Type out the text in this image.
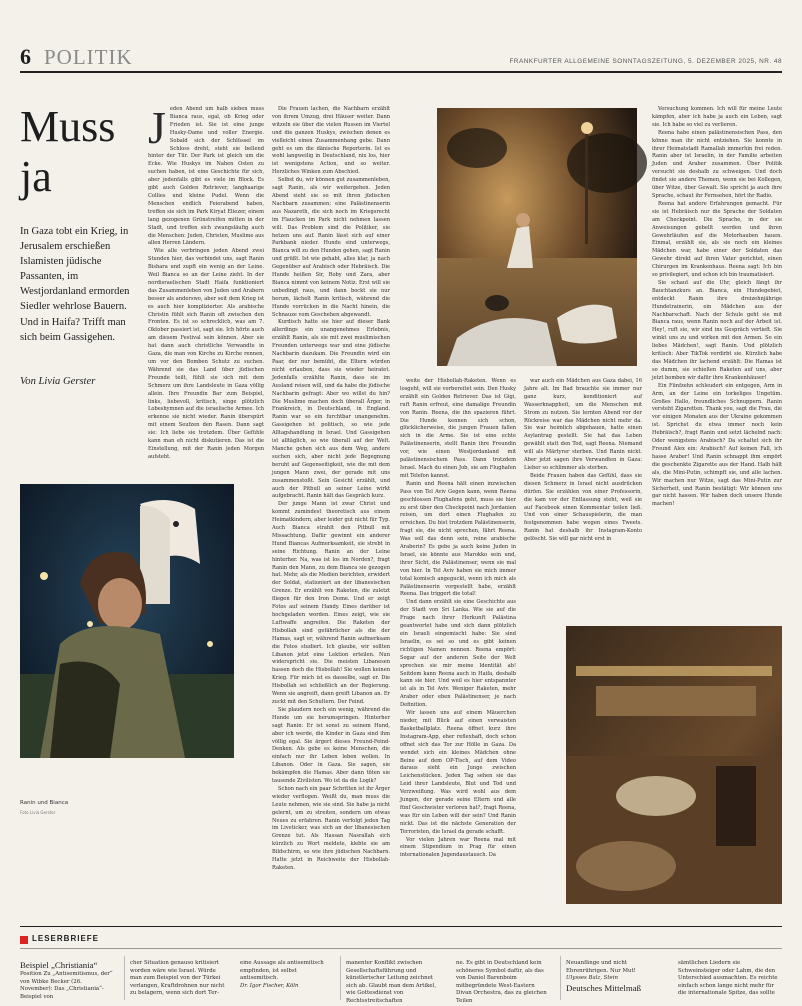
6 POLITIK	FRANKFURTER ALLGEMEINE SONNTAGSZEITUNG, 5. DEZEMBER 2025, NR. 48
Muss ja
In Gaza tobt ein Krieg, in Jerusalem erschießen Islamisten jüdische Passanten, im Westjordanland ermorden Siedler wehrlose Bauern. Und in Haifa? Trifft man sich beim Gassigehen.
Von Livia Gerster
J eden Abend um halb sieben muss Bianca raus, egal, ob Krieg oder Frieden ist. Sie ist eine junge Husky-Dame und voller Energie. Sobald sich der Schlüssel im Schloss dreht, steht sie bellend hinter der Tür. Der Park ist gleich um die Ecke. Wie Huskys im Nahen Osten zu suchen haben, ist eine Geschichte für sich, aber jedenfalls gibt es viele im Block. Es gibt auch Golden Retriever, langhaarige Collies und kleine Pudel. Wenn die Menschen endlich Feierabend haben, treffen sie sich im Park Kiryat Eliezer, einem lang gezogenen Grünstreifen mitten in der Stadt, und treffen sich zwangsläufig auch die Menschen: Juden, Christen, Muslime aus allen Herren Ländern.

Wie alle verbringen jeden Abend zwei Stunden hier, das verbindet uns, sagt Ranin Bishara und zupft ein wenig an der Leine. Weil Bianca so an der Leine zieht. In der nordisraelischen Stadt Haifa funktioniert das Zusammenleben von Juden und Arabern besser als anderswo, aber seit dem Krieg ist es auch hier komplizierter. Als arabische Christin fühlt sich Ranin oft zwischen den Fronten. Es ist so schrecklich, was am 7. Oktober passiert ist, sagt sie. Ich hörte auch am diesem Festival sein können. Aber sie hat dann auch christliche Verwandte in Gaza, die man von Kirche zu Kirche rennen, um vor den Bomben Schutz zu suchen. Während sie das Land über jüdischen Freunde teilt, fühlt sie sich mit dem Schmerz um ihre Landsleute in Gaza völlig allein. Ihre Freundin Bar zum Beispiel, links, liebevoll, kritisch, singe plötzlich Lobeshymnen auf die israelische Armee. Ich erkenne sie nicht wieder. Ranin überspürt mit einem Seufzen den Rasen. Dann sagt sie: Ich liebe sie trotzdem. Über Gefühle kann man eh nicht diskutieren. Das ist die Einstellung, mit der Ranin jeden Morgen aufsteht.

Die Frauen lachen, die Nachbarn erzählt von ihrem Umzug, drei Häuser weiter. Dann witzeln sie über die vielen Russen im Viertel und die ganzen Huskys, zwischen denen es vielleicht einen Zusammenhang gebe. Dann geht es um die dänische Reporterin. Ist es wohl langweilig in Deutschland, nix los, hier ist wenigstens Action, und so weiter. Herzliches Winken zum Abschied.

Selbst du, wir können gut zusammenleben, sagt Ranin, als wir weitergehen. Jeden Abend sieht sie so mit ihren jüdischen Nachbarn zusammen; eine Palästinenserin aus Nazareth, die sich noch im Kriegsrecht im Flaucken im Park nicht nehmen lassen will. Das Problem sind die Politiker, sie hetzen uns auf. Ranin lässt sich auf einer Parkbank nieder. Hunde sind unterwegs, Bianca will zu den Hunden gehen, sagt Ranin und grüßt. Ist wie gehabt, alles klar, ja nach Gegenüber auf Arabisch oder Hebräisch. Die Hunde heißen Sir, Roby und Zara, aber Bianca nimmt von keinem Notiz. Erst will sie unbedingt raus, und dann bockt sie nur herum, lächelt Ranin kritisch, während die Hunde vorrücken in die Nacht hinein, die Schnauze vom Geschehen abgewandt.

Kurdisch hatte sie hier auf dieser Bank allerdings ein unangenehmes Erlebnis, erzählt Ranin, als sie mit zwei muslimischen Freunden unterwegs war und eine jüdische Nachbarin dazukam. Die Freundin wird ein Paar, der nur bemüht, die Eltern würden nicht erlauben, dass sie wieder heiratet. Jedenfalls erzählte Ranin, dass sie im Ausland reisen will, und da habe die jüdische Nachbarin gefragt: Aber wo willst du hin? Die Muslime machen doch überall Ärger, in Frankreich, in Deutschland, in England. Ranin war so ein furchtbar unangenehm. Gassigehen ist politisch, so wie jede Alltagshandlung in Israel. Und Gassigehen ist alltäglich, so wie überall auf der Welt. Manche gehen sich aus dem Weg, andere suchen sich, aber nicht jede Begegnung beruht auf Gegenseitigkeit, wie die mit dem jungen Mann zwei, der gerade mit uns zusammenstoßt. Sein Gesicht erzählt, und auch der Pitbull an seiner Leine wirkt aufgebracht. Ranin hält das Gespräch kurz.

Der junge Mann ist zwar Christ und kommt zumindest theoretisch aus einem Heimatkindern, aber leider gut nicht für Typ. Auch Bianca strahlt den Pitbull mit Missachtung. Dafür gewinnt ein anderer Hund Biancas Aufmerksamkeit, sie strebt in seine Richtung. Ranin an der Leine hinterher. Na, was ist los im Norden?, fragt Ranin den Mann, zu dem Bianca sie gezogen hat. Mehr, als die Medien berichten, erwidert der Soldat, stationiert an der libanesischen Grenze. Er erzählt von Raketen, die zuletzt fliegen für den Iron Dome. Und er zeigt Fotos auf seinem Handy. Eines darüber ist hochgeladen worden. Eines zeigt, wie sie Luftwaffe angreifen. Die Raketen der Hisbollah sind gefährlicher als die der Hamas, sagt er, während Ranin aufmerksam die Fotos studiert. Ich glaube, wir sollten Libanon jetzt eine Lektion erteilen. Nun widerspricht sie. Die meisten Libanesen hassen doch die Hisbollah! Sie wollen keinen Krieg. Für mich ist es dasselbe, sagt er. Die Hisbollah sei schließlich an der Regierung. Wenn sie angreift, dann greift Libanon an. Er zuckt mit den Schultern. Der Feind.

Sie plaudern noch ein wenig, während die Hunde um sie herumspringen. Hinterher sagt Ranin: Er ist sonst zu seinem Hund, aber ich werde, die Kinder in Gaza sind ihm völlig egal. Sie ärgert dieses Freund-Feind-Denken. Als gebe es keine Menschen, die einfach nur ihr Leben leben wollen. In Libanon. Oder in Gaza. Sie sagen, sie bekämpfen die Hamas. Aber dann töten sie tausende Zivilisten. Wo ist da die Logik?

Schon nach ein paar Schritten ist ihr Ärger wieder verflogen. Weißt du, man muss die Leute nehmen, wie sie sind. Sie habe ja nicht gelernt, um zu streiten, sondern um etwas Neues zu erfahren. Ranin verfolgt jeden Tag im Liveticker, was sich an der libanesischen Grenze tut. Als Hassan Nasrallah sich kürzlich zu Wort meldete, klebte sie am Bildschirm, so wie ihre jüdischen Nachbarn. Hatte jetzt in Reichweite der Hisbollah-Raketen.

weite der Hisbollah-Raketen. Wenn es losgeht, will sie vorbereitet sein. Den Husky erzählt ein Golden Retriever. Das ist Gigi, ruft Ranin erfreut, eine damalige Freundin von Ranin. Reena, die ihn spazieren führt. Die Hunde kennen sich schon, glücklicherweise, die jungen Frauen fallen sich in die Arme. Sie ist eine echte Palästinenserin, stellt Ranin ihre Freundin vor, wie einen Westjordanland mit palästinensischem Pass. Dann trotzdem Israel. Mach du einen Job, sie am Flughafen mit Telefon kannst.

Ranin und Reena hält einen inzwischen Pass von Tel Aviv Gegen kann, wenn Reena geschlossen Flughafens geht, muss sie hier zu erst über den Checkpoint nach Jordanien reisen, um dort einen Flughafen zu erreichen. Du bist trotzdem Palästinenserin, fragt sie, die nicht sprechen, fährt Reena. Was soll das denn sein, reine arabische Araberin? Es gebe ja auch keine Juden in Israel, sie könnte aus Marokko sein und, ihrer Sicht, die Palästinenser, wenn sie mal von hier. In Tel Aviv haben sie mich immer total komisch angeguckt, wenn ich mich als Palästinenserin vorgestellt habe, erzählt Reena. Das triggert die total!

Und dann erzählt sie eine Geschichte aus der Stadt von Sri Lanka. Wie sie auf die Frage nach ihrer Herkunft Palästina geantwortet habe und sich dann plötzlich ein Israeli eingemischt habe: Sie sind Israelin, es sei so und es gibt keinen richtigen Namen nennen. Reena empört: Sogar auf der anderen Seite der Welt sprechen sie mir meine Identität ab! Seitdem kann Reena auch in Haifa, deshalb kann sie hier. Und weil es hier entspannter ist als in Tel Aviv. Weniger Raketen, mehr Araber oder eben Palästinenser, je nach Definition.

Wir lassen uns auf einem Mäuerchen nieder, mit Blick auf einen verwaisten Basketballplatz. Reena öffnet kurz ihre Instagram-App, eher reflexhaft, doch schon offnet sich das Tor zur Hölle in Gaza. Da wendet sich ein kleines Mädchen ohne Beine auf dem OP-Tisch, auf dem Video daraus sieht ein Junge zwischen Leichenstücken. Jeden Tag sehen sie das Leid ihrer Landsleute, Blut und Tod und Verzweiflung. Was wird wohl aus dem Jungen, der gerade seine Eltern und alle fünf Geschwister verloren hat?, fragt Reena, was für ein Leben will der sein? Und Ranin nickt. Das ist die nächste Generation der Terroristen, die Israel da gerade schafft.

Vor vielen Jahren war Reena mal mit einem Stipendium in Prag für einen internationalen Jugendaustausch. Da

war auch ein Mädchen aus Gaza dabei, 16 Jahre alt. Im Bad brauchte sie immer nur ganz kurz, konditioniert auf Wasserknappheit, um die Menschen mit Strom zu nutzen. Sie lernten Abend vor der Rückreise war das Mädchen nicht mehr da. Sie war heimlich abgehauen, hatte einen Asylantrag gestellt. Sie hat das Leben gewählt statt den Tod, sagt Reena. Niemand will als Märtyrer sterben. Und Ranin nickt. Aber jetzt sagen ihre Verwandten in Gaza: Lieber so schlimmer als sterben.

Beide Frauen haben das Gefühl, dass sie diesen Schmerz in Israel nicht ausdrücken dürfen. Sie erzählen von einer Professorin, die kam vor der Entlassung steht, weil sie auf Facebook einen Kommentar teilen ließ. Und von einer Schauspielerin, die man festgenommen habe wegen eines Tweets. Ranin hat deshalb ihr Instagram-Konto gelöscht. Sie will gar nicht erst in

Versuchung kommen. Ich will für meine Leute kämpfen, aber ich habe ja auch ein Leben, sagt sie. Ich habe so viel zu verlieren.

Reena habe einen palästinensischen Pass, den könne man ihr nicht entziehen. Sie konnte in ihrer Heimatstadt Ramallah immerhin frei reden. Ranin aber ist Israelin, in der Familie arbeiten Juden und Araber zusammen. Über Politik versucht sie deshalb zu schweigen. Und doch findet sie andere Themen, wenn sie bei Kollegen, über Witze, über Gewalt. Sie spricht ja auch ihre Sprache, schaut ihr Fernsehen, hört ihr Radio.

Reena hat andere Erfahrungen gemacht. Für sie ist Hebräisch nur die Sprache der Soldaten am Checkpoint. Die Sprache, in der sie Anweisungen gebellt werden und ihren Gewehrläufen auf die Motorhauben hauen. Einmal, erzählt sie, als sie noch ein kleines Mädchen war, habe einer der Soldaten das Gewehr direkt auf ihren Vater gerichtet, einen Chirurgen im Krankenhaus. Reena sagt: Ich bin so privilegiert, und schon ich bin traumatisiert.

Sie schaut auf die Uhr, gleich fängt ihr Bauchtanzkurs an. Bianca, ein Hundegebiet, entdeckt Ranin ihre dreizehnjährige Hundetrainerin, ein Mädchen aus der Nachbarschaft. Nach der Schule geht sie mit Bianca raus, wenn Ranin noch auf der Arbeit ist. Hey!, ruft sie, wir sind ins Gespräch vertieft. Sie winkt uns zu und wirken mit den Armen. So ein liebes Mädchen!, sagt Ranin. Und plötzlich kritisch: Aber TikTok verdirbt sie. Kürzlich habe das Mädchen ihr lachend erzählt: Die Hamas ist so dumm, sie schießen Raketen auf uns, aber jetzt bomben wir dafür ihre Krankenhäuser!

Ein Fünfzehn schleudert ein entgegen, Arm in Arm, an der Leine ein torkeliges Ungetüm. Großes Hallo, freundliches Schnuppern. Ranin versteht Zigaretten. Thank you, sagt die Frau, die vor einigen Monaten aus der Ukraine gekommen ist. Sprichst du etwa immer noch kein Hebräisch?, fragt Ranin und setzt lächelnd nach: Oder wenigstens Arabisch? Da schaltet sich ihr Freund Alex ein: Arabisch? Auf keinen Fall, ich hasse Araber! Und Ranin schnappt ihm empört die geschenkte Zigarette aus der Hand. Halb hält als, die Mini-Putin, schimpft sie, und alle lachen. Wir machen nur Witze, sagt das Mini-Putin zur Sicherheit, und Ranin bestätigt: Wir können uns gar nicht hassen. Wir haben doch unsere Hunde machen!

Ranin und Bianca
Foto Livia Gerster
LESERBRIEFE
Beispiel „Christiania“
Position Zu „Antisemitismus, der“ von Wibke Becker (26. November): Das „Christiania“-Beispiel von
cher Situation genauso kritisiert worden wäre wie Israel. Würde man zum Beispiel von der Türkei verlangen, Kraftdrohnen nur nicht zu belagern, wenn sich dort Ter-
eine Aussage als antisemitisch empfinden, ist selbst antisemitisch.
Dr. Igor Fischer, Köln
manenter Konflikt zwischen Gesellschaftsführung und künstlerischer Leitung zeichnet sich ab. Glaubt man dem Artikel, wie Gottesdienst von Rechtsstreitschaften
ne. Es gibt in Deutschland kein schöneres Symbol dafür, als das von Daniel Barenboim mitbegründete West-Eastern Divan Orchestra, das zu gleichen Teilen
Neuanfänge und nicht Ehrenrührigen. Nur Mut!
Ulysses Balz, Stein
Deutsches Mittelmaß
sämtlichen Liedern sie Schweinsteiger oder Lahm, die den Unterschied ausmachten. Es reichte einfach schon lange nicht mehr für die internationale Spitze, das sollte
